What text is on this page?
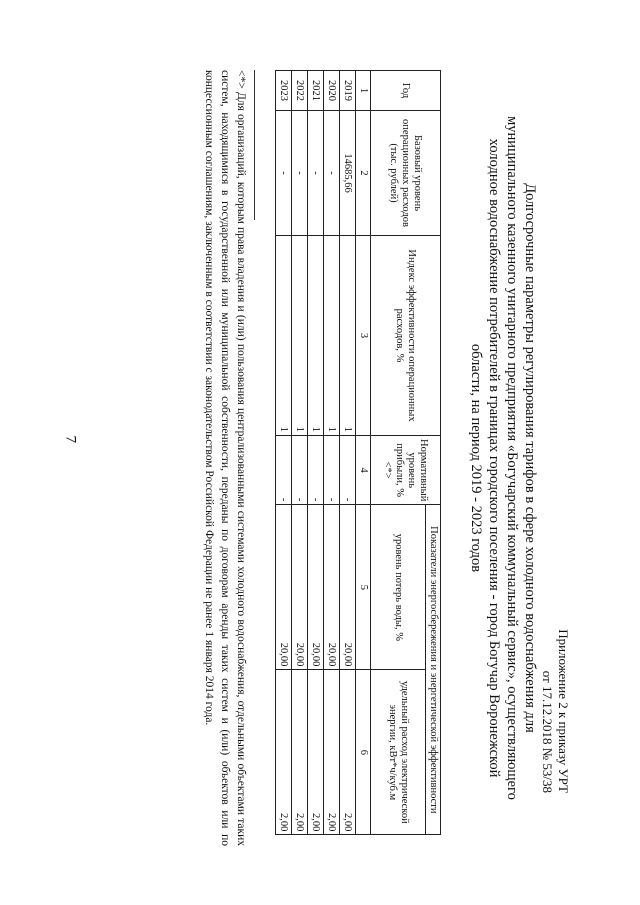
7
Приложение 2 к приказу УРТ
от 17.12.2018 № 53/38
Долгосрочные параметры регулирования тарифов в сфере холодного водоснабжения для
муниципального казенного унитарного предприятия «Богучарский коммунальный сервис», осуществляющего
холодное водоснабжение потребителей в границах городского поселения - город Богучар Воронежской
области, на период 2019 - 2023 годов
Год	Базовый уровень операционных расходов (тыс. рублей)	Индекс эффективности операционных расходов, %	Нормативный уровень прибыли, % <*>	Показатели энергосбережения и энергетической эффективности	
				уровень потерь воды, %	удельный расход электрической энергии, кВт*ч/куб.м
1	2	3	4	5	6
2019	14685,66	1	-	20,00	2,00
2020	-	1	-	20,00	2,00
2021	-	1	-	20,00	2,00
2022	-	1	-	20,00	2,00
2023	-	1	-	20,00	2,00
<*> Для организаций, которым права владения и (или) пользования централизованными системами холодного водоснабжения, отдельными объектами таких систем, находящимися в государственной или муниципальной собственности, переданы по договорам аренды таких систем и (или) объектов или по концессионным соглашениям, заключенным в соответствии с законодательством Российской Федерации не ранее 1 января 2014 года.
